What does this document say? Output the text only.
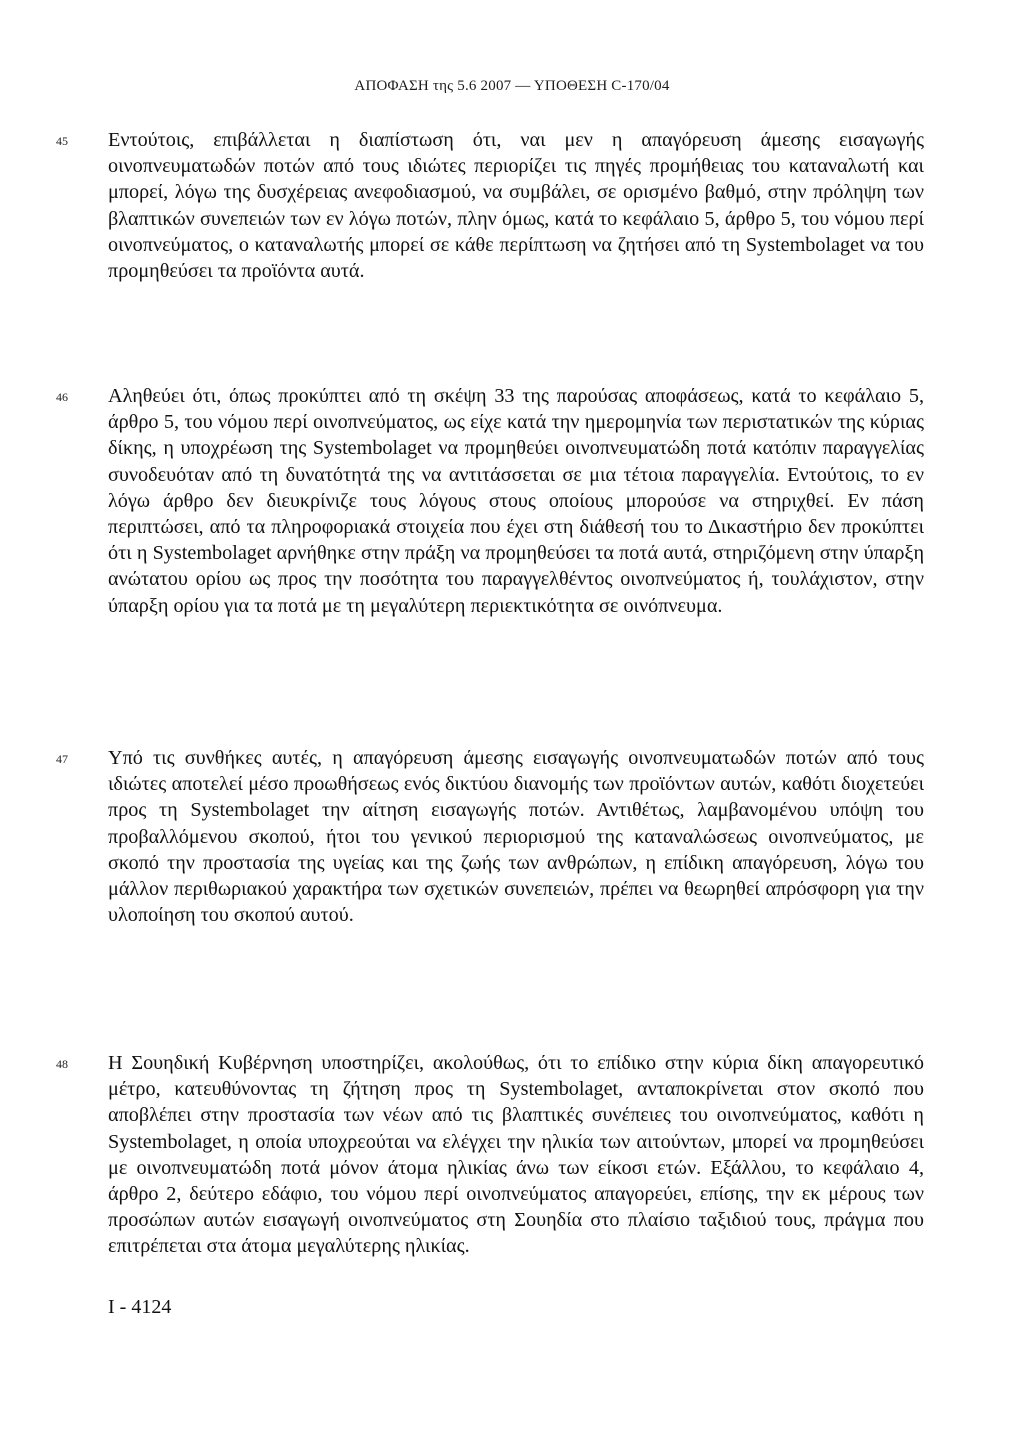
ΑΠΟΦΑΣΗ της 5.6 2007 — ΥΠΟΘΕΣΗ C-170/04
45 Εντούτοις, επιβάλλεται η διαπίστωση ότι, ναι μεν η απαγόρευση άμεσης εισαγωγής οινοπνευματωδών ποτών από τους ιδιώτες περιορίζει τις πηγές προμήθειας του καταναλωτή και μπορεί, λόγω της δυσχέρειας ανεφοδιασμού, να συμβάλει, σε ορισμένο βαθμό, στην πρόληψη των βλαπτικών συνεπειών των εν λόγω ποτών, πλην όμως, κατά το κεφάλαιο 5, άρθρο 5, του νόμου περί οινοπνεύματος, ο καταναλωτής μπορεί σε κάθε περίπτωση να ζητήσει από τη Systembolaget να του προμηθεύσει τα προϊόντα αυτά.

46 Αληθεύει ότι, όπως προκύπτει από τη σκέψη 33 της παρούσας αποφάσεως, κατά το κεφάλαιο 5, άρθρο 5, του νόμου περί οινοπνεύματος, ως είχε κατά την ημερομηνία των περιστατικών της κύριας δίκης, η υποχρέωση της Systembolaget να προμηθεύει οινοπνευματώδη ποτά κατόπιν παραγγελίας συνοδευόταν από τη δυνατότητά της να αντιτάσσεται σε μια τέτοια παραγγελία. Εντούτοις, το εν λόγω άρθρο δεν διευκρίνιζε τους λόγους στους οποίους μπορούσε να στηριχθεί. Εν πάση περιπτώσει, από τα πληροφοριακά στοιχεία που έχει στη διάθεσή του το Δικαστήριο δεν προκύπτει ότι η Systembolaget αρνήθηκε στην πράξη να προμηθεύσει τα ποτά αυτά, στηριζόμενη στην ύπαρξη ανώτατου ορίου ως προς την ποσότητα του παραγγελθέντος οινοπνεύματος ή, τουλάχιστον, στην ύπαρξη ορίου για τα ποτά με τη μεγαλύτερη περιεκτικότητα σε οινόπνευμα.

47 Υπό τις συνθήκες αυτές, η απαγόρευση άμεσης εισαγωγής οινοπνευματωδών ποτών από τους ιδιώτες αποτελεί μέσο προωθήσεως ενός δικτύου διανομής των προϊόντων αυτών, καθότι διοχετεύει προς τη Systembolaget την αίτηση εισαγωγής ποτών. Αντιθέτως, λαμβανομένου υπόψη του προβαλλόμενου σκοπού, ήτοι του γενικού περιορισμού της καταναλώσεως οινοπνεύματος, με σκοπό την προστασία της υγείας και της ζωής των ανθρώπων, η επίδικη απαγόρευση, λόγω του μάλλον περιθωριακού χαρακτήρα των σχετικών συνεπειών, πρέπει να θεωρηθεί απρόσφορη για την υλοποίηση του σκοπού αυτού.

48 Η Σουηδική Κυβέρνηση υποστηρίζει, ακολούθως, ότι το επίδικο στην κύρια δίκη απαγορευτικό μέτρο, κατευθύνοντας τη ζήτηση προς τη Systembolaget, ανταποκρίνεται στον σκοπό που αποβλέπει στην προστασία των νέων από τις βλαπτικές συνέπειες του οινοπνεύματος, καθότι η Systembolaget, η οποία υποχρεούται να ελέγχει την ηλικία των αιτούντων, μπορεί να προμηθεύσει με οινοπνευματώδη ποτά μόνον άτομα ηλικίας άνω των είκοσι ετών. Εξάλλου, το κεφάλαιο 4, άρθρο 2, δεύτερο εδάφιο, του νόμου περί οινοπνεύματος απαγορεύει, επίσης, την εκ μέρους των προσώπων αυτών εισαγωγή οινοπνεύματος στη Σουηδία στο πλαίσιο ταξιδιού τους, πράγμα που επιτρέπεται στα άτομα μεγαλύτερης ηλικίας.

I - 4124
